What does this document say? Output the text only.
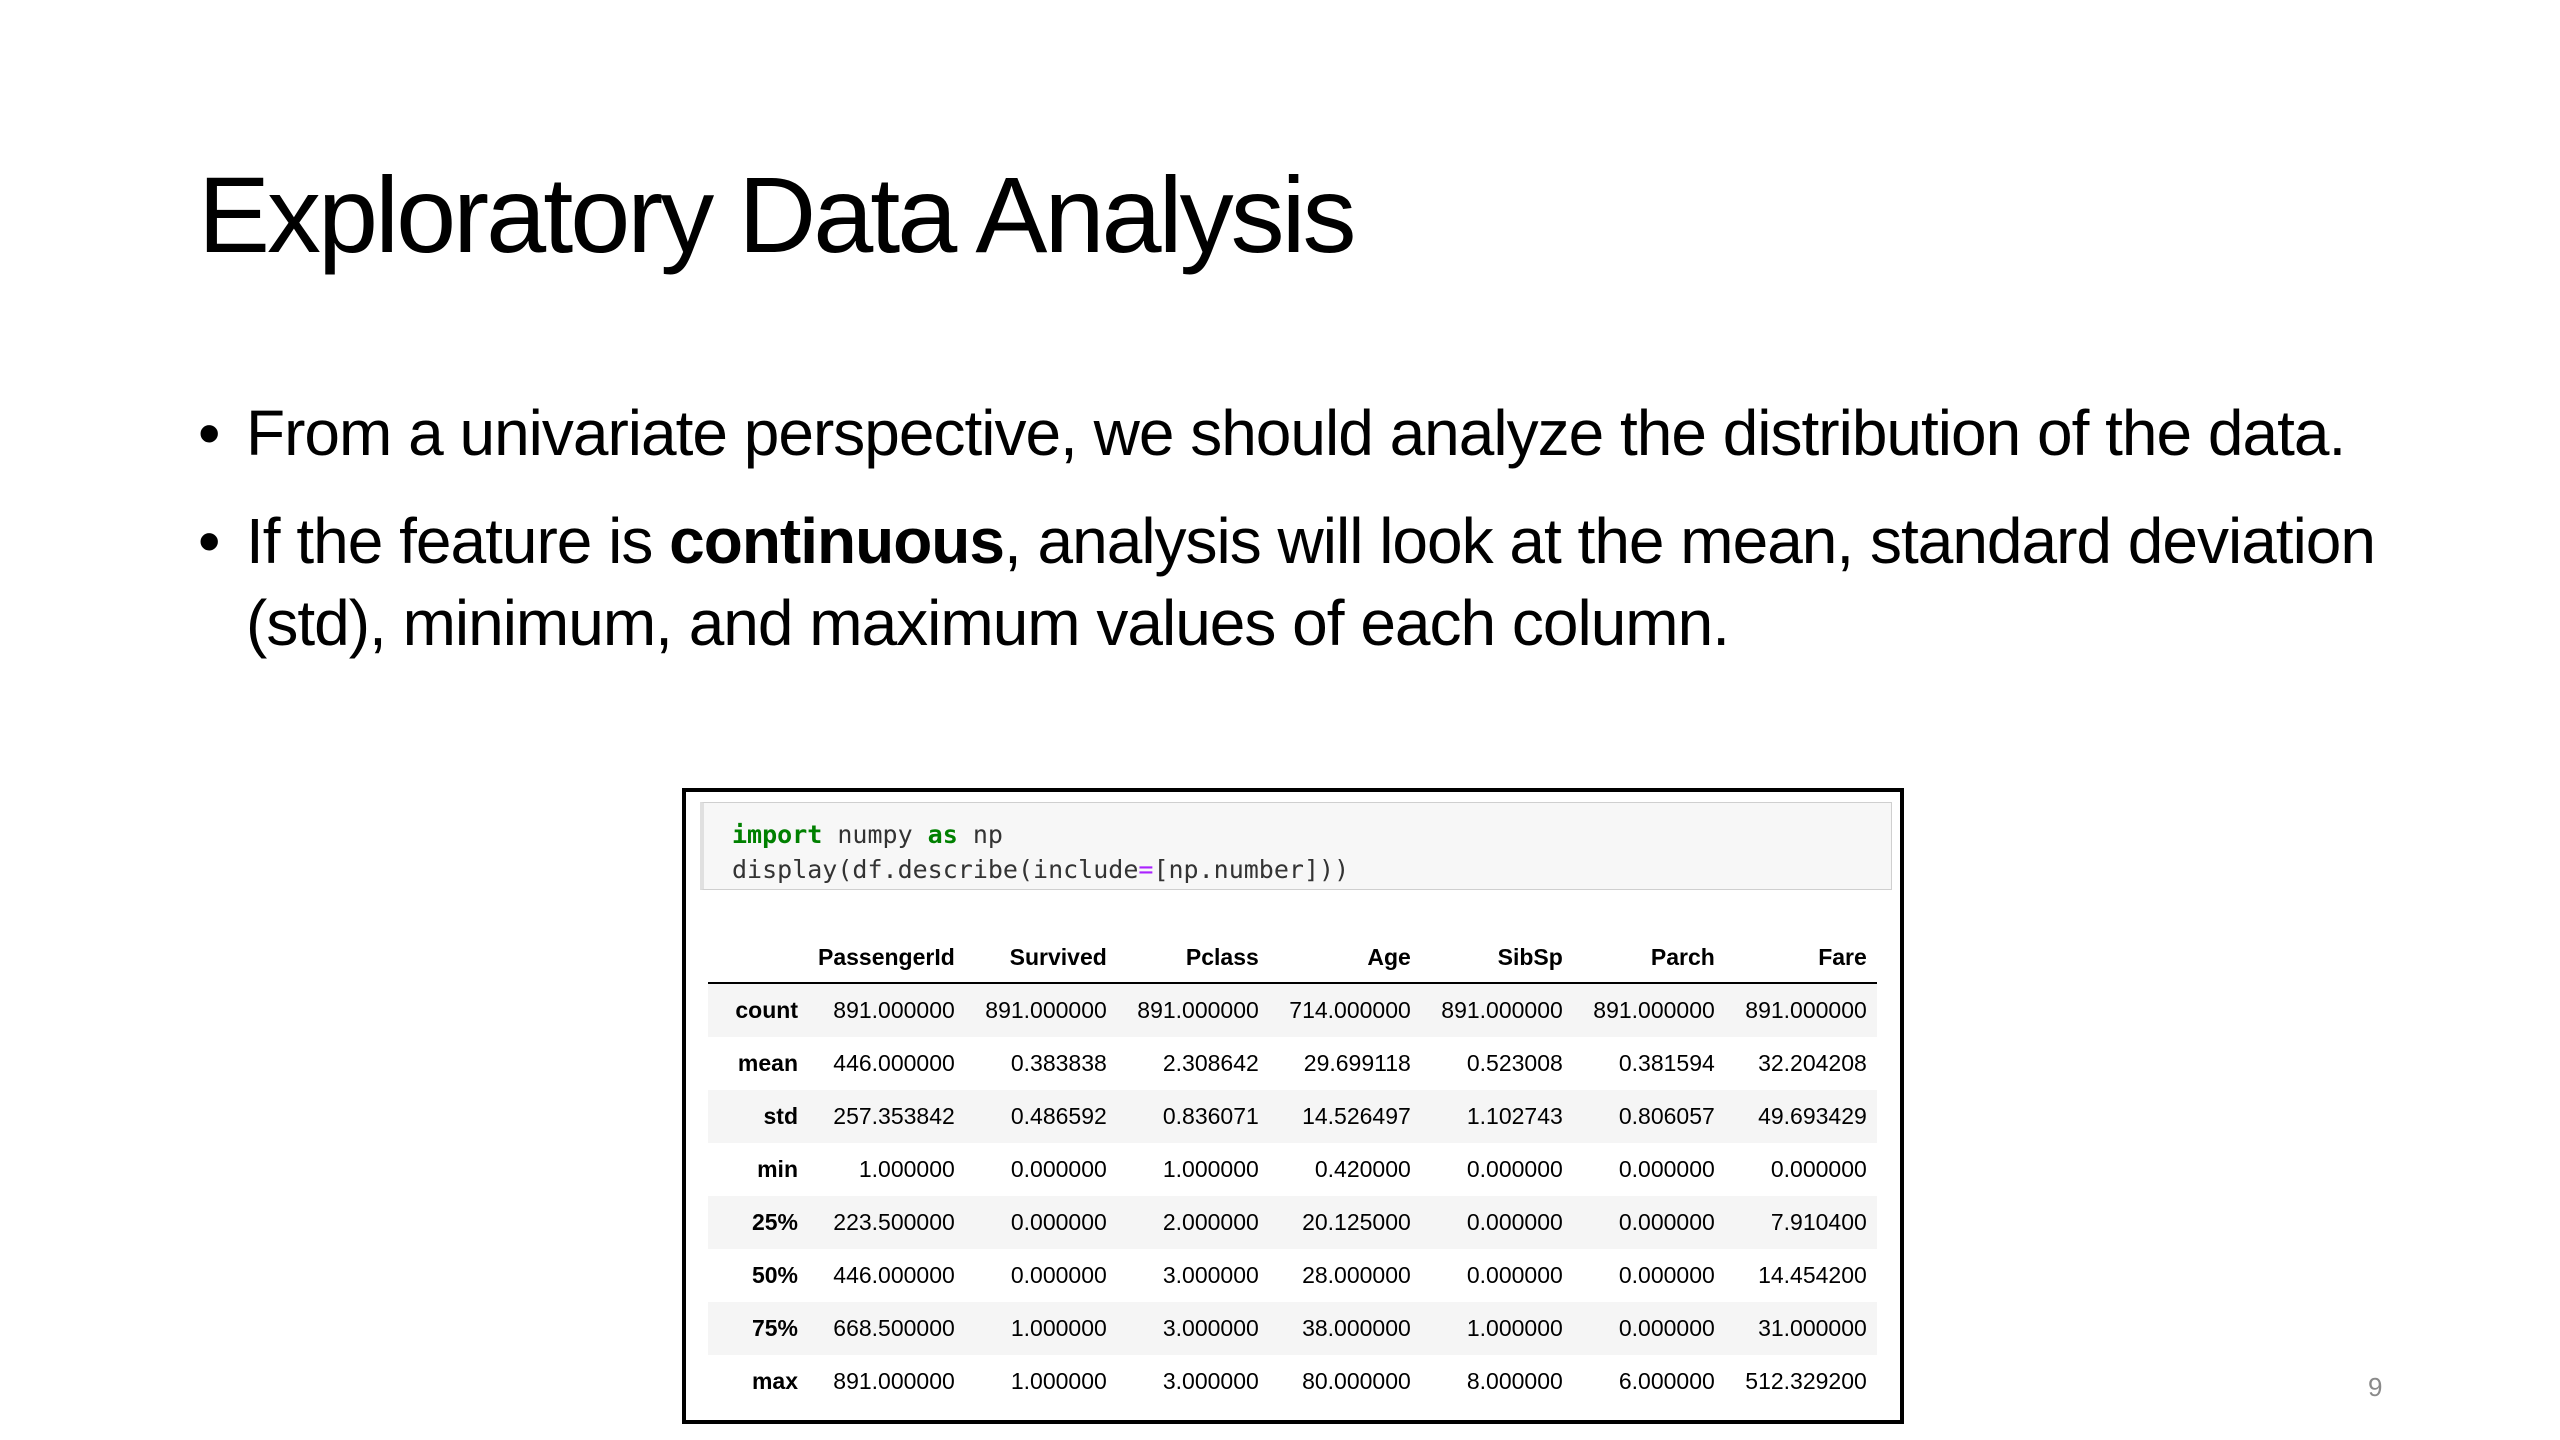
Exploratory Data Analysis
• From a univariate perspective, we should analyze the distribution of the data.
• If the feature is continuous, analysis will look at the mean, standard deviation (std), minimum, and maximum values of each column.
import numpy as np
display(df.describe(include=[np.number]))
	PassengerId	Survived	Pclass	Age	SibSp	Parch	Fare
count	891.000000	891.000000	891.000000	714.000000	891.000000	891.000000	891.000000
mean	446.000000	0.383838	2.308642	29.699118	0.523008	0.381594	32.204208
std	257.353842	0.486592	0.836071	14.526497	1.102743	0.806057	49.693429
min	1.000000	0.000000	1.000000	0.420000	0.000000	0.000000	0.000000
25%	223.500000	0.000000	2.000000	20.125000	0.000000	0.000000	7.910400
50%	446.000000	0.000000	3.000000	28.000000	0.000000	0.000000	14.454200
75%	668.500000	1.000000	3.000000	38.000000	1.000000	0.000000	31.000000
max	891.000000	1.000000	3.000000	80.000000	8.000000	6.000000	512.329200	9
